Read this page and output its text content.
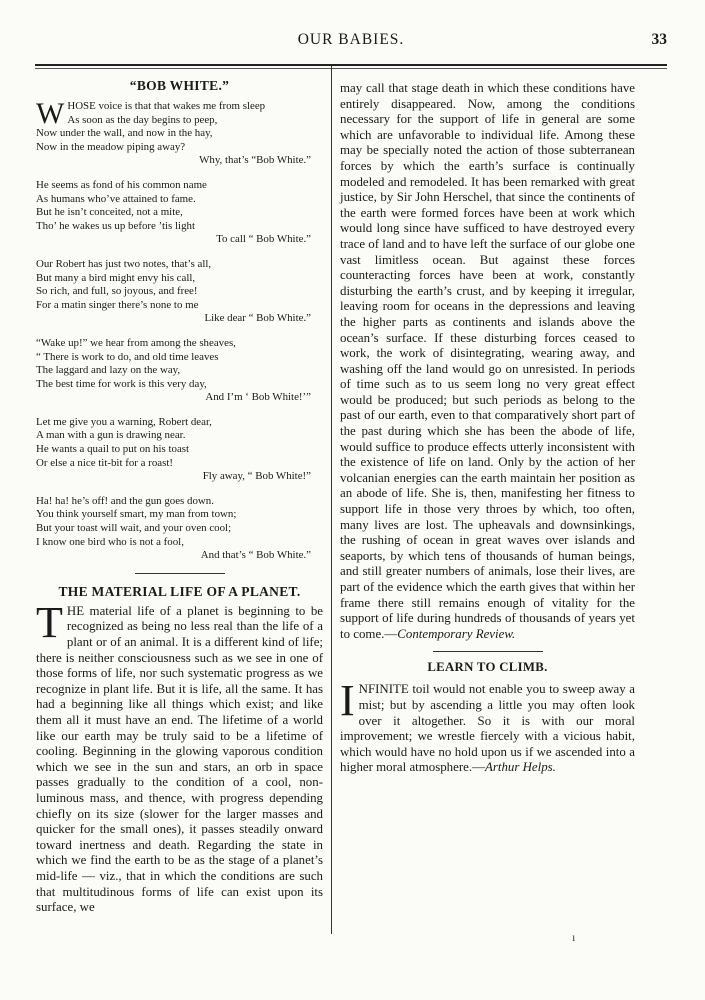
OUR BABIES.	33
“BOB WHITE.”
W HOSE voice is that that wakes me from sleep
As soon as the day begins to peep,
Now under the wall, and now in the hay,
Now in the meadow piping away?
Why, that’s “Bob White.”
He seems as fond of his common name
As humans who’ve attained to fame.
But he isn’t conceited, not a mite,
Tho’ he wakes us up before ’tis light
To call “ Bob White.”
Our Robert has just two notes, that’s all,
But many a bird might envy his call,
So rich, and full, so joyous, and free!
For a matin singer there’s none to me
Like dear “ Bob White.”
“Wake up!” we hear from among the sheaves,
“ There is work to do, and old time leaves
The laggard and lazy on the way,
The best time for work is this very day,
And I’m ‘ Bob White!’”
Let me give you a warning, Robert dear,
A man with a gun is drawing near.
He wants a quail to put on his toast
Or else a nice tit-bit for a roast!
Fly away, “ Bob White!”
Ha! ha! he’s off! and the gun goes down.
You think yourself smart, my man from town;
But your toast will wait, and your oven cool;
I know one bird who is not a fool,
And that’s “ Bob White.”
THE MATERIAL LIFE OF A PLANET.

THE material life of a planet is beginning to be recognized as being no less real than the life of a plant or of an animal. It is a different kind of life; there is neither consciousness such as we see in one of those forms of life, nor such systematic progress as we recognize in plant life. But it is life, all the same. It has had a beginning like all things which exist; and like them all it must have an end. The lifetime of a world like our earth may be truly said to be a lifetime of cooling. Beginning in the glowing vaporous condition which we see in the sun and stars, an orb in space passes gradually to the condition of a cool, non-luminous mass, and thence, with progress depending chiefly on its size (slower for the larger masses and quicker for the small ones), it passes steadily onward toward inertness and death. Regarding the state in which we find the earth to be as the stage of a planet’s mid-life — viz., that in which the conditions are such that multitudinous forms of life can exist upon its surface, we

may call that stage death in which these conditions have entirely disappeared. Now, among the conditions necessary for the support of life in general are some which are unfavorable to individual life. Among these may be specially noted the action of those subterranean forces by which the earth’s surface is continually modeled and remodeled. It has been remarked with great justice, by Sir John Herschel, that since the continents of the earth were formed forces have been at work which would long since have sufficed to have destroyed every trace of land and to have left the surface of our globe one vast limitless ocean. But against these forces counteracting forces have been at work, constantly disturbing the earth’s crust, and by keeping it irregular, leaving room for oceans in the depressions and leaving the higher parts as continents and islands above the ocean’s surface. If these disturbing forces ceased to work, the work of disintegrating, wearing away, and washing off the land would go on unresisted. In periods of time such as to us seem long no very great effect would be produced; but such periods as belong to the past of our earth, even to that comparatively short part of the past during which she has been the abode of life, would suffice to produce effects utterly inconsistent with the existence of life on land. Only by the action of her volcanian energies can the earth maintain her position as an abode of life. She is, then, manifesting her fitness to support life in those very throes by which, too often, many lives are lost. The upheavals and downsinkings, the rushing of ocean in great waves over islands and seaports, by which tens of thousands of human beings, and still greater numbers of animals, lose their lives, are part of the evidence which the earth gives that within her frame there still remains enough of vitality for the support of life during hundreds of thousands of years yet to come.—Contemporary Review.

LEARN TO CLIMB.

INFINITE toil would not enable you to sweep away a mist; but by ascending a little you may often look over it altogether. So it is with our moral improvement; we wrestle fiercely with a vicious habit, which would have no hold upon us if we ascended into a higher moral atmosphere.—Arthur Helps.

ı
